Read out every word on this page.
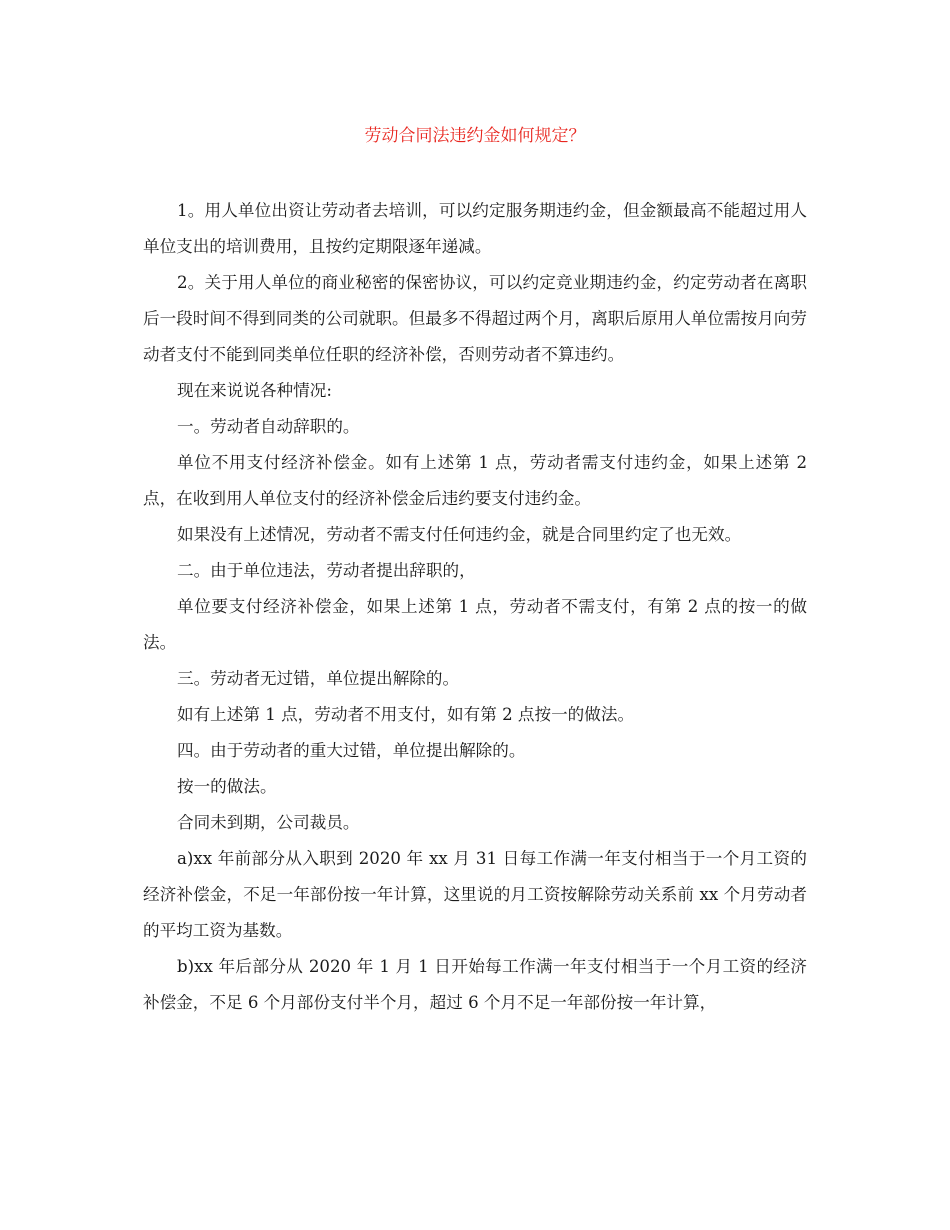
劳动合同法违约金如何规定？

1。用人单位出资让劳动者去培训，可以约定服务期违约金，但金额最高不能超过用人单位支出的培训费用，且按约定期限逐年递减。

2。关于用人单位的商业秘密的保密协议，可以约定竞业期违约金，约定劳动者在离职后一段时间不得到同类的公司就职。但最多不得超过两个月，离职后原用人单位需按月向劳动者支付不能到同类单位任职的经济补偿，否则劳动者不算违约。

现在来说说各种情况:

一。劳动者自动辞职的。

单位不用支付经济补偿金。如有上述第 1 点，劳动者需支付违约金，如果上述第 2 点，在收到用人单位支付的经济补偿金后违约要支付违约金。

如果没有上述情况，劳动者不需支付任何违约金，就是合同里约定了也无效。

二。由于单位违法，劳动者提出辞职的，

单位要支付经济补偿金，如果上述第 1 点，劳动者不需支付，有第 2 点的按一的做法。

三。劳动者无过错，单位提出解除的。

如有上述第 1 点，劳动者不用支付，如有第 2 点按一的做法。

四。由于劳动者的重大过错，单位提出解除的。

按一的做法。

合同未到期，公司裁员。

a)xx 年前部分从入职到 2020 年 xx 月 31 日每工作满一年支付相当于一个月工资的经济补偿金，不足一年部份按一年计算，这里说的月工资按解除劳动关系前 xx 个月劳动者的平均工资为基数。

b)xx 年后部分从 2020 年 1 月 1 日开始每工作满一年支付相当于一个月工资的经济补偿金，不足 6 个月部份支付半个月，超过 6 个月不足一年部份按一年计算，
